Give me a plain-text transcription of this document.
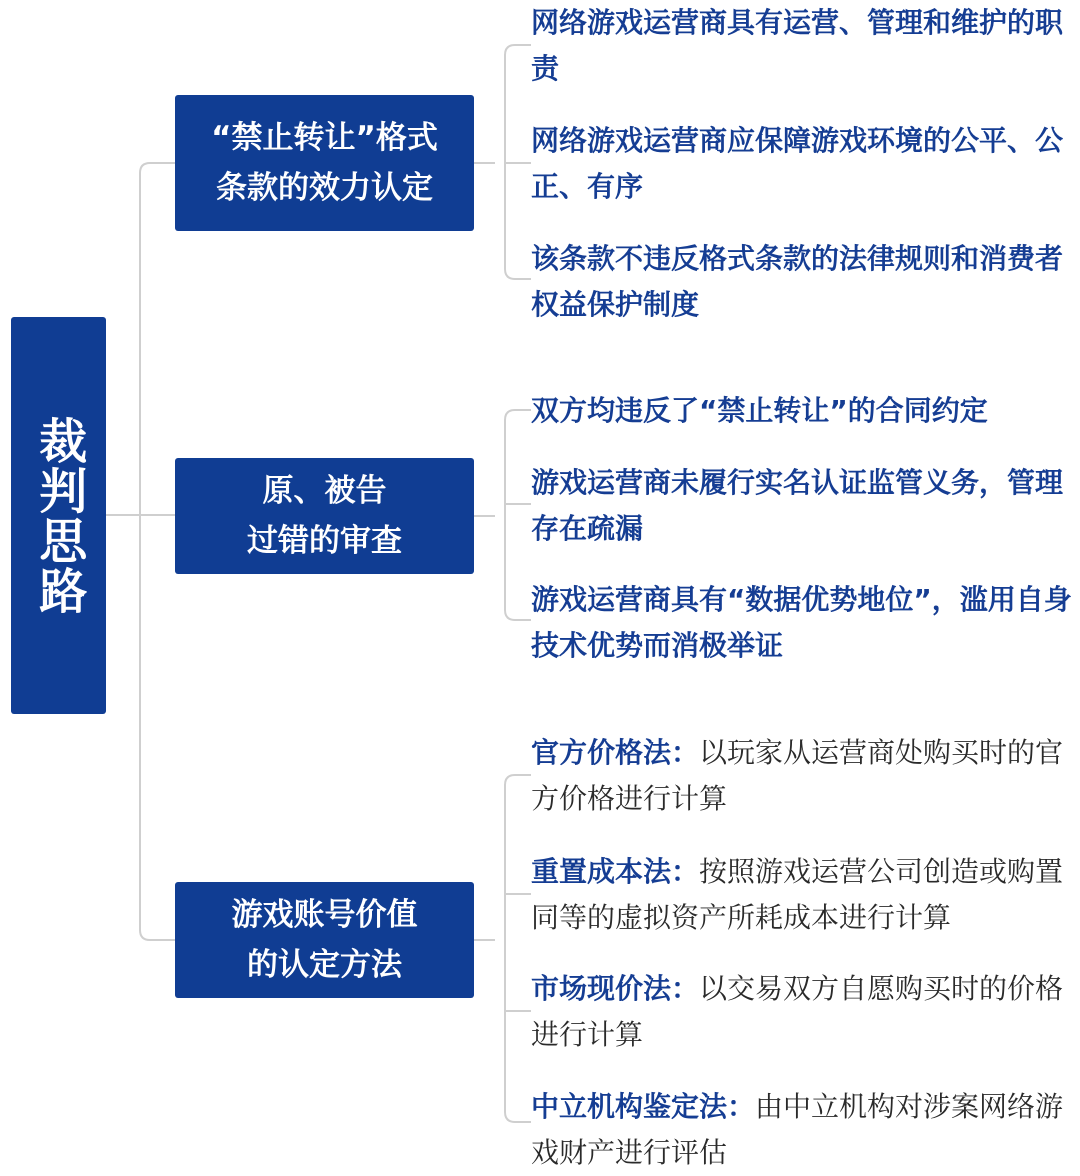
裁判思路
“禁止转让”格式
条款的效力认定
原、被告
过错的审查
游戏账号价值
的认定方法
网络游戏运营商具有运营、管理和维护的职责
网络游戏运营商应保障游戏环境的公平、公正、有序
该条款不违反格式条款的法律规则和消费者权益保护制度
双方均违反了“禁止转让”的合同约定
游戏运营商未履行实名认证监管义务，管理存在疏漏
游戏运营商具有“数据优势地位”，滥用自身技术优势而消极举证
官方价格法：以玩家从运营商处购买时的官方价格进行计算
重置成本法：按照游戏运营公司创造或购置同等的虚拟资产所耗成本进行计算
市场现价法：以交易双方自愿购买时的价格进行计算
中立机构鉴定法：由中立机构对涉案网络游戏财产进行评估
